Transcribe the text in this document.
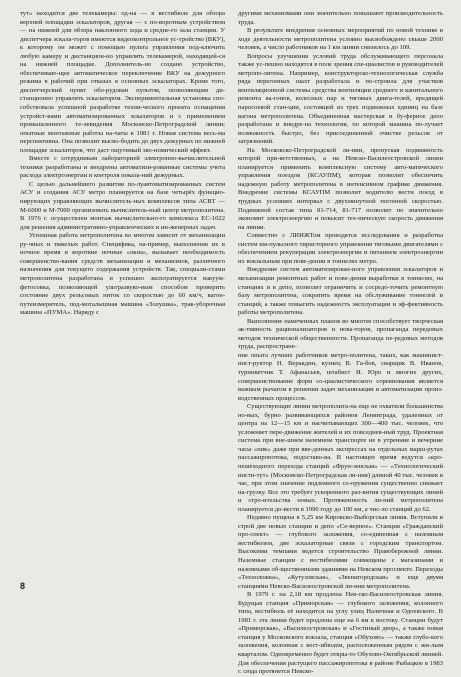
тут» находится две телекамеры: од-на — в вестибюле для обзора верхней площадки эскалаторов, другая — с по-воротным устройством — на нижней для обзора наклонного хода и средне-го зала станции. У диспетчера эскала-торов имеются видеоконтрольное ус-тройство (ВКУ), к которому он может с помощью пульта управления под-ключить любую камеру и дистанцион-но управлять телекамерой, находящей-ся на нижней площадке. Дополнитель-но создано устройство, обеспечиваю-щее автоматическое переключение ВКУ на дежурного режима в рабочий при отказах в основных эскалаторах. Кроме того, диспетчерский пункт обо-рудован пультом, позволяющим ди-станционно управлять эскалатором. Экспериментальная установка спо-собствовала успешной разработке техни-ческого проекта оснащения устройст-вами автоматизированных эскалаторов и с применением промышленного те-левидения Московско-Петроградской линии; опытные монтажные работы на-чаты в 1981 г. Новая система весь-ма перспективна. Она позволит высво-бодить до двух дежурных по нижней площадке эскалаторов, что даст ощутимый эко-номический эффект.

Вместе с сотрудникам лабораторией электронно-вычислительной техники разработаны и внедрены автоматизи-рованные системы учета расхода электроэнергии и контроля показа-ний дежурных.

С целью дальнейшего развития по-луавтоматизированных систем АСУ и создания АСУ метро планируется на базе четырёх функцио-нирующих управляющих вычислитель-ных комплексов типа АСВТ — М-6000 и М-7000 организовать вычислитель-ный центр метрополитена. В 1976 г. осуществлен монтаж вычислительно-го комплекса ЕС-1022 для решения административно-управленческих и ин-женерных задач.

Успешная работа метрополитена во многом зависит от механизации ру-чных и тяжелых работ. Специфика, на-пример, выполнения их в ночное время в короткие ночные «окна», вызывает необходимость совершенство-вания средств механизации и механизмов, различного назначения для текущего содержания устройств. Так, специали-стами метрополитена разработана и успешно эксплуатируется вакуум-фетосовка, позволяющей ультразвуко-вым способом проверить состояние двух рельсовых ниток со скоростью до 60 км/ч, вагон-путеизмеритель, под-моталышная машина «Золушка», трак-уборочная машина «ПУМА». Наряду с

другими механизмами они значительно повышают производительность труда.

В результате внедрения основных мероприятий по новой технике в ходе деятельности метрополитена условно высвобождено свыше 2000 человек, а число работников на 1 км линии снизилось до 109.

Вопросы улучшения условий труда обслуживающего персонала также ус-пешно находятся в поле зрения спе-циалистов и руководителей метропо-литена. Например, конструкторско-технологическая служба ряда перегонных шахт разработала и по-строила для участков вентиляционной системы средства вентиляции среднего и капитального ремонта ва-гонов, колесных пар и тяговых двига-телей, вредящей паросоевой стан-ции, состоящей из трех подвижных единиц на базе вагона метрополитена. Объединенная мастерская и бу-ферное депо разработана и внедре-на технология, по которой машина по-лучает возможность быстро, без присоединенной очистке рельсов от загрязнений.

На Московско-Петроградской ли-нии, пропуская подвижность которой при-ветственных, а на Невско-Василеостровской линии планируется применить комплексную систему авто-матического управления поездов (КСАУПМ), которая позволит обеспечить надежную работу метрополитена в интенсивном графике движения. Внедрение системы КСАУПМ позволит водителю вести поезд в трудных условиях интервал с двухминутной погонной скоростью. Подвижной состав типа 81-714, 81-717 позволит по значительно экономит электроэнергию и повысит тех-ническую скорость движения на линии.

Совместно с ЛИИЖТом проводятся исследования и разработка систем им-пульсного тиристорного управления тяговыми двигателями с обеспечением рекуперации электроэнергии и питанием электроэнергии их вокзальным при пове-дении в тоннелях метро.

Внедрение систем автоматизирован-ного управления эскалаторов и механизации ремонтных работ и пове-дения выработки в тоннелях, на станциях и в депо, позволит ограничить и сосредо-точить ремонтную базу метрополитена, сократить время на обслуживание тоннелей и станций, а также повысить надежность эксплуатации и эф-фективность работы метрополитена.

Выполнение намеченных планов во многом способствует творческая ак-тивность рационализаторов и нова-торов, пропаганда передовых методов технической общественности. Пропаганда пе-редовых методов труда, распростране-

ние опыта лучших работников метро-политена, таких, как машинист-инст-руктор Н. Веракдин, кузнец В. Га-бов, сварщик В. Иванов, турникетчик Т. Афанасьев, штабист И. Юро и многих других, совершенствование форм со-циалистического соревнования является важным рычагом в решении задач механизации и автоматизации произ-водственных процессов.

Существующие линии метрополита-на еще не охватили большинства но-вых, бурно развивающихся районов Ленинграда, удаленных от центра на 12—15 км и насчитывающих 300—400 тыс. человек, что усложняет пере-движение жителей и их повседнев-ный труд. Проектная система при вне-шнем наземном транспорте не в утренние и вечерние часы «пик» даже при вве-денных экспрессах на отдельных марш-рутах пассажиропотока, подоставо-ва. В настоящее время ведутся «кро-пешеходного перехода станций «Фрун-зенская» — «Технологический инсти-тут» (Московско-Петроградская ли-ния) длиной 40 тыс. человек в час, при этом значение подземного со-оружения существенно снижает на-грузку. Все это требует ускоренного раз-вития существующих линий и стро-ительства новых. Протяженность ли-ний метрополитена планируется до-вести в 1990 году до 100 км, а чис-ло станций до 62.

Недавно пущена в 5,25 км Кировско-Выборгская линия. Вступили в строй две новых станции и депо «Се-верное». Станция «Гражданский про-спект» — глубокого заложения, со-единенная с наземным вестибюлем, две эскалаторные связи с городским транспортом. Высокими темпами ведется строительство Правобережной линии. Наземные станции с вестибюлями совмещены с магазинами и наземными об-щественными зданиями на Невском проспекте. Переходы «Техноложка», «Кутузовская», «Звенигородская» и еще двумя станциями Невско-Василеостровской ли-нии метрополитена.

В 1979 г. на 2,18 км продлена Нев-ско-Василеостровская линия. Будущая станция «Приморская» — глубокого заложения, колонного типа, вестибюль её находится на углу улиц Наличная и Одоевского. В 1981 г. эта линия будет продлена еще на 6 км к востоку. Станции будут «Приморская», «Василеостровская» и «Гостиный двор», а также новая станция у Московского вокзала, станция «Обухово» — также глубо-кого заложения, колонная с вест-ибюлем, расположенным рядом с жи-лым кварталом. Одновременно будет откры-то Обухово-Октябрьской линией. Для обеспечения растущего пассажиропотока в районе Рыбацкое в 1983 г. сюда протянется Невско-

8
